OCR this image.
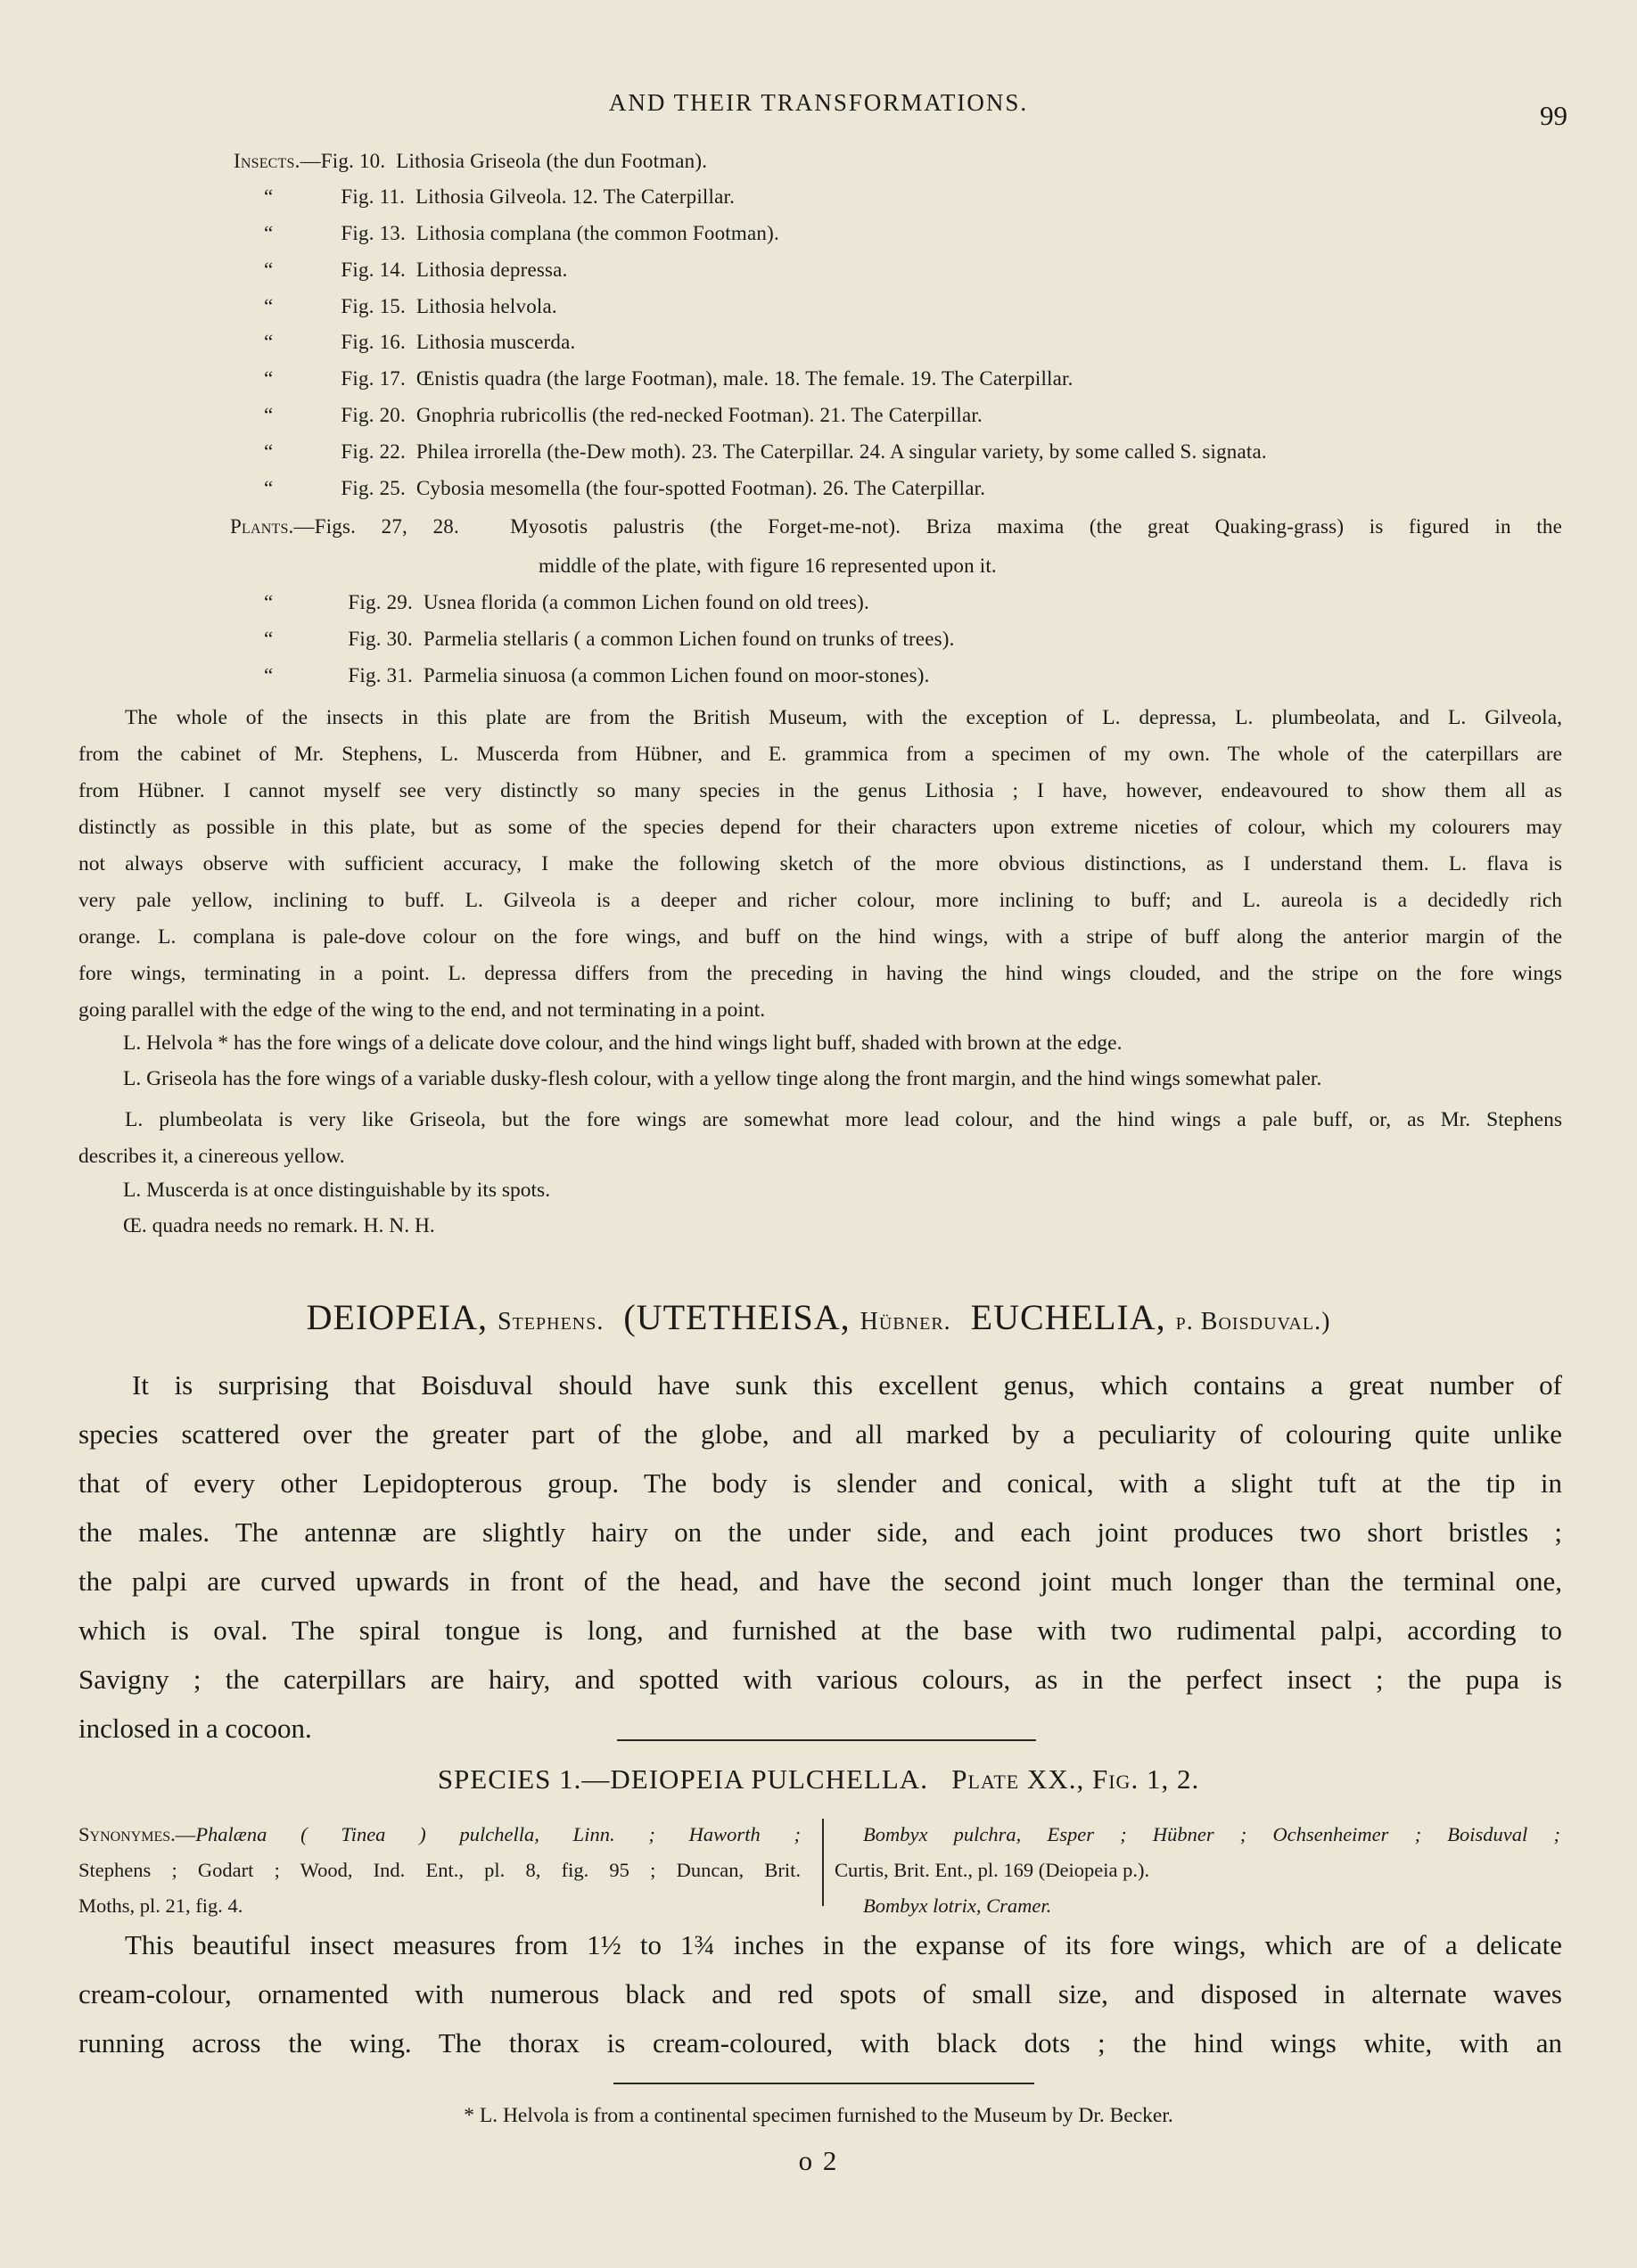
AND THEIR TRANSFORMATIONS.	99
Insects.—Fig. 10. Lithosia Griseola (the dun Footman).
“	Fig. 11. Lithosia Gilveola. 12. The Caterpillar.
“	Fig. 13. Lithosia complana (the common Footman).
“	Fig. 14. Lithosia depressa.
“	Fig. 15. Lithosia helvola.
“	Fig. 16. Lithosia muscerda.
“	Fig. 17. Œnistis quadra (the large Footman), male. 18. The female. 19. The Caterpillar.
“	Fig. 20. Gnophria rubricollis (the red-necked Footman). 21. The Caterpillar.
“	Fig. 22. Philea irrorella (the-Dew moth). 23. The Caterpillar. 24. A singular variety, by some called S. signata.
“	Fig. 25. Cybosia mesomella (the four-spotted Footman). 26. The Caterpillar.
Plants.—Figs. 27, 28. Myosotis palustris (the Forget-me-not). Briza maxima (the great Quaking-grass) is figured in the
middle of the plate, with figure 16 represented upon it.
“	Fig. 29. Usnea florida (a common Lichen found on old trees).
“	Fig. 30. Parmelia stellaris ( a common Lichen found on trunks of trees).
“	Fig. 31. Parmelia sinuosa (a common Lichen found on moor-stones).
The whole of the insects in this plate are from the British Museum, with the exception of L. depressa, L. plumbeolata, and L. Gilveola,
from the cabinet of Mr. Stephens, L. Muscerda from Hübner, and E. grammica from a specimen of my own. The whole of the caterpillars are
from Hübner. I cannot myself see very distinctly so many species in the genus Lithosia ; I have, however, endeavoured to show them all as
distinctly as possible in this plate, but as some of the species depend for their characters upon extreme niceties of colour, which my colourers may
not always observe with sufficient accuracy, I make the following sketch of the more obvious distinctions, as I understand them. L. flava is
very pale yellow, inclining to buff. L. Gilveola is a deeper and richer colour, more inclining to buff; and L. aureola is a decidedly rich
orange. L. complana is pale-dove colour on the fore wings, and buff on the hind wings, with a stripe of buff along the anterior margin of the
fore wings, terminating in a point. L. depressa differs from the preceding in having the hind wings clouded, and the stripe on the fore wings
going parallel with the edge of the wing to the end, and not terminating in a point.
L. Helvola * has the fore wings of a delicate dove colour, and the hind wings light buff, shaded with brown at the edge.
L. Griseola has the fore wings of a variable dusky-flesh colour, with a yellow tinge along the front margin, and the hind wings somewhat paler.
L. plumbeolata is very like Griseola, but the fore wings are somewhat more lead colour, and the hind wings a pale buff, or, as Mr. Stephens
describes it, a cinereous yellow.
L. Muscerda is at once distinguishable by its spots.
Œ. quadra needs no remark. H. N. H.
DEIOPEIA, Stephens. (UTETHEISA, Hübner. EUCHELIA, p. Boisduval.)
It is surprising that Boisduval should have sunk this excellent genus, which contains a great number of
species scattered over the greater part of the globe, and all marked by a peculiarity of colouring quite unlike
that of every other Lepidopterous group. The body is slender and conical, with a slight tuft at the tip in
the males. The antennæ are slightly hairy on the under side, and each joint produces two short bristles ;
the palpi are curved upwards in front of the head, and have the second joint much longer than the terminal one,
which is oval. The spiral tongue is long, and furnished at the base with two rudimental palpi, according to
Savigny ; the caterpillars are hairy, and spotted with various colours, as in the perfect insect ; the pupa is
inclosed in a cocoon.
SPECIES 1.—DEIOPEIA PULCHELLA. Plate XX., Fig. 1, 2.
Synonymes.—Phalæna ( Tinea ) pulchella, Linn. ; Haworth ;
Stephens ; Godart ; Wood, Ind. Ent., pl. 8, fig. 95 ; Duncan, Brit.
Moths, pl. 21, fig. 4.
Bombyx pulchra, Esper ; Hübner ; Ochsenheimer ; Boisduval ;
Curtis, Brit. Ent., pl. 169 (Deiopeia p.).
Bombyx lotrix, Cramer.
This beautiful insect measures from 1½ to 1¾ inches in the expanse of its fore wings, which are of a delicate
cream-colour, ornamented with numerous black and red spots of small size, and disposed in alternate waves
running across the wing. The thorax is cream-coloured, with black dots ; the hind wings white, with an
* L. Helvola is from a continental specimen furnished to the Museum by Dr. Becker.
o 2
